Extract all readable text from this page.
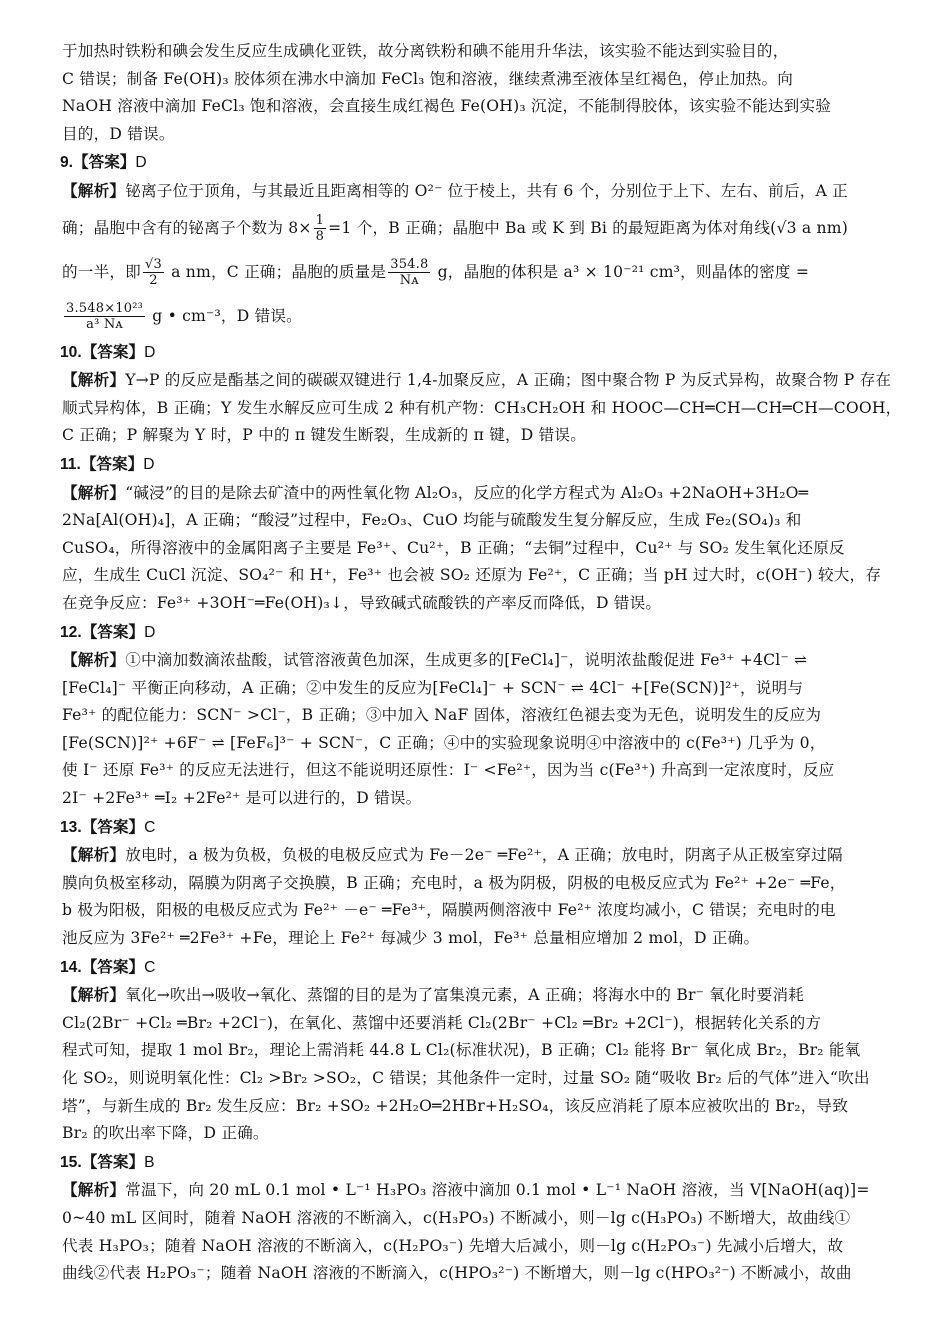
于加热时铁粉和碘会发生反应生成碘化亚铁，故分离铁粉和碘不能用升华法，该实验不能达到实验目的，

C 错误；制备 Fe(OH)₃ 胶体须在沸水中滴加 FeCl₃ 饱和溶液，继续煮沸至液体呈红褐色，停止加热。向

NaOH 溶液中滴加 FeCl₃ 饱和溶液，会直接生成红褐色 Fe(OH)₃ 沉淀，不能制得胶体，该实验不能达到实验

目的，D 错误。

9. 【答案】 D

【解析】铋离子位于顶角，与其最近且距离相等的 O²⁻ 位于棱上，共有 6 个，分别位于上下、左右、前后，A 正

确；晶胞中含有的铋离子个数为 $8\times \frac{1}{8} =1$ 个，B 正确；晶胞中 Ba 或 K 到 Bi 的最短距离为体对角线(√3 a nm)

的一半，即 $\frac{√3}{2}$ a nm，C 正确；晶胞的质量是 $\frac{354.8}{\text{Nᴀ}}$ g，晶胞的体积是 a³ × 10⁻²¹ cm³，则晶体的密度 =

$\frac{\text{3.548×10²³}}{\text{a³ Nᴀ}}$ g • cm⁻³，D 错误。

10. 【答案】 D

【解析】Y→P 的反应是酯基之间的碳碳双键进行 1,4-加聚反应，A 正确；图中聚合物 P 为反式异构，故聚合物 P 存在

顺式异构体，B 正确；Y 发生水解反应可生成 2 种有机产物：CH₃CH₂OH 和 HOOC—CH═CH—CH═CH—COOH，

C 正确；P 解聚为 Y 时，P 中的 π 键发生断裂，生成新的 π 键，D 错误。

11. 【答案】 D

【解析】“碱浸”的目的是除去矿渣中的两性氧化物 Al₂O₃，反应的化学方程式为 Al₂O₃ +2NaOH+3H₂O═

2Na[Al(OH)₄]，A 正确；“酸浸”过程中，Fe₂O₃、CuO 均能与硫酸发生复分解反应，生成 Fe₂(SO₄)₃ 和

CuSO₄，所得溶液中的金属阳离子主要是 Fe³⁺、Cu²⁺，B 正确；“去铜”过程中，Cu²⁺ 与 SO₂ 发生氧化还原反

应，生成生 CuCl 沉淀、SO₄²⁻ 和 H⁺，Fe³⁺ 也会被 SO₂ 还原为 Fe²⁺，C 正确；当 pH 过大时，c(OH⁻) 较大，存

在竞争反应：Fe³⁺ +3OH⁻═Fe(OH)₃↓，导致碱式硫酸铁的产率反而降低，D 错误。

12. 【答案】 D

【解析】①中滴加数滴浓盐酸，试管溶液黄色加深，生成更多的[FeCl₄]⁻，说明浓盐酸促进 Fe³⁺ +4Cl⁻ ⇌

[FeCl₄]⁻ 平衡正向移动，A 正确；②中发生的反应为[FeCl₄]⁻ + SCN⁻ ⇌ 4Cl⁻ +[Fe(SCN)]²⁺，说明与

Fe³⁺ 的配位能力：SCN⁻ >Cl⁻，B 正确；③中加入 NaF 固体，溶液红色褪去变为无色，说明发生的反应为

[Fe(SCN)]²⁺ +6F⁻ ⇌ [FeF₆]³⁻ + SCN⁻，C 正确；④中的实验现象说明④中溶液中的 c(Fe³⁺) 几乎为 0，

使 I⁻ 还原 Fe³⁺ 的反应无法进行，但这不能说明还原性：I⁻ <Fe²⁺，因为当 c(Fe³⁺) 升高到一定浓度时，反应

2I⁻ +2Fe³⁺ ═I₂ +2Fe²⁺ 是可以进行的，D 错误。

13. 【答案】 C

【解析】放电时，a 极为负极，负极的电极反应式为 Fe－2e⁻ ═Fe²⁺，A 正确；放电时，阴离子从正极室穿过隔

膜向负极室移动，隔膜为阴离子交换膜，B 正确；充电时，a 极为阴极，阴极的电极反应式为 Fe²⁺ +2e⁻ ═Fe，

b 极为阳极，阳极的电极反应式为 Fe²⁺ －e⁻ ═Fe³⁺，隔膜两侧溶液中 Fe²⁺ 浓度均减小，C 错误；充电时的电

池反应为 3Fe²⁺ ═2Fe³⁺ +Fe，理论上 Fe²⁺ 每减少 3 mol，Fe³⁺ 总量相应增加 2 mol，D 正确。

14. 【答案】 C

【解析】氧化→吹出→吸收→氧化、蒸馏的目的是为了富集溴元素，A 正确；将海水中的 Br⁻ 氧化时要消耗

Cl₂(2Br⁻ +Cl₂ ═Br₂ +2Cl⁻)，在氧化、蒸馏中还要消耗 Cl₂(2Br⁻ +Cl₂ ═Br₂ +2Cl⁻)，根据转化关系的方

程式可知，提取 1 mol Br₂，理论上需消耗 44.8 L Cl₂(标准状况)，B 正确；Cl₂ 能将 Br⁻ 氧化成 Br₂，Br₂ 能氧

化 SO₂，则说明氧化性：Cl₂ >Br₂ >SO₂，C 错误；其他条件一定时，过量 SO₂ 随“吸收 Br₂ 后的气体”进入“吹出

塔”，与新生成的 Br₂ 发生反应：Br₂ +SO₂ +2H₂O═2HBr+H₂SO₄，该反应消耗了原本应被吹出的 Br₂，导致

Br₂ 的吹出率下降，D 正确。

15. 【答案】 B

【解析】常温下，向 20 mL 0.1 mol • L⁻¹ H₃PO₃ 溶液中滴加 0.1 mol • L⁻¹ NaOH 溶液，当 V[NaOH(aq)]=

0~40 mL 区间时，随着 NaOH 溶液的不断滴入，c(H₃PO₃) 不断减小，则－lg c(H₃PO₃) 不断增大，故曲线①

代表 H₃PO₃；随着 NaOH 溶液的不断滴入，c(H₂PO₃⁻) 先增大后减小，则－lg c(H₂PO₃⁻) 先减小后增大，故

曲线②代表 H₂PO₃⁻；随着 NaOH 溶液的不断滴入，c(HPO₃²⁻) 不断增大，则－lg c(HPO₃²⁻) 不断减小，故曲
